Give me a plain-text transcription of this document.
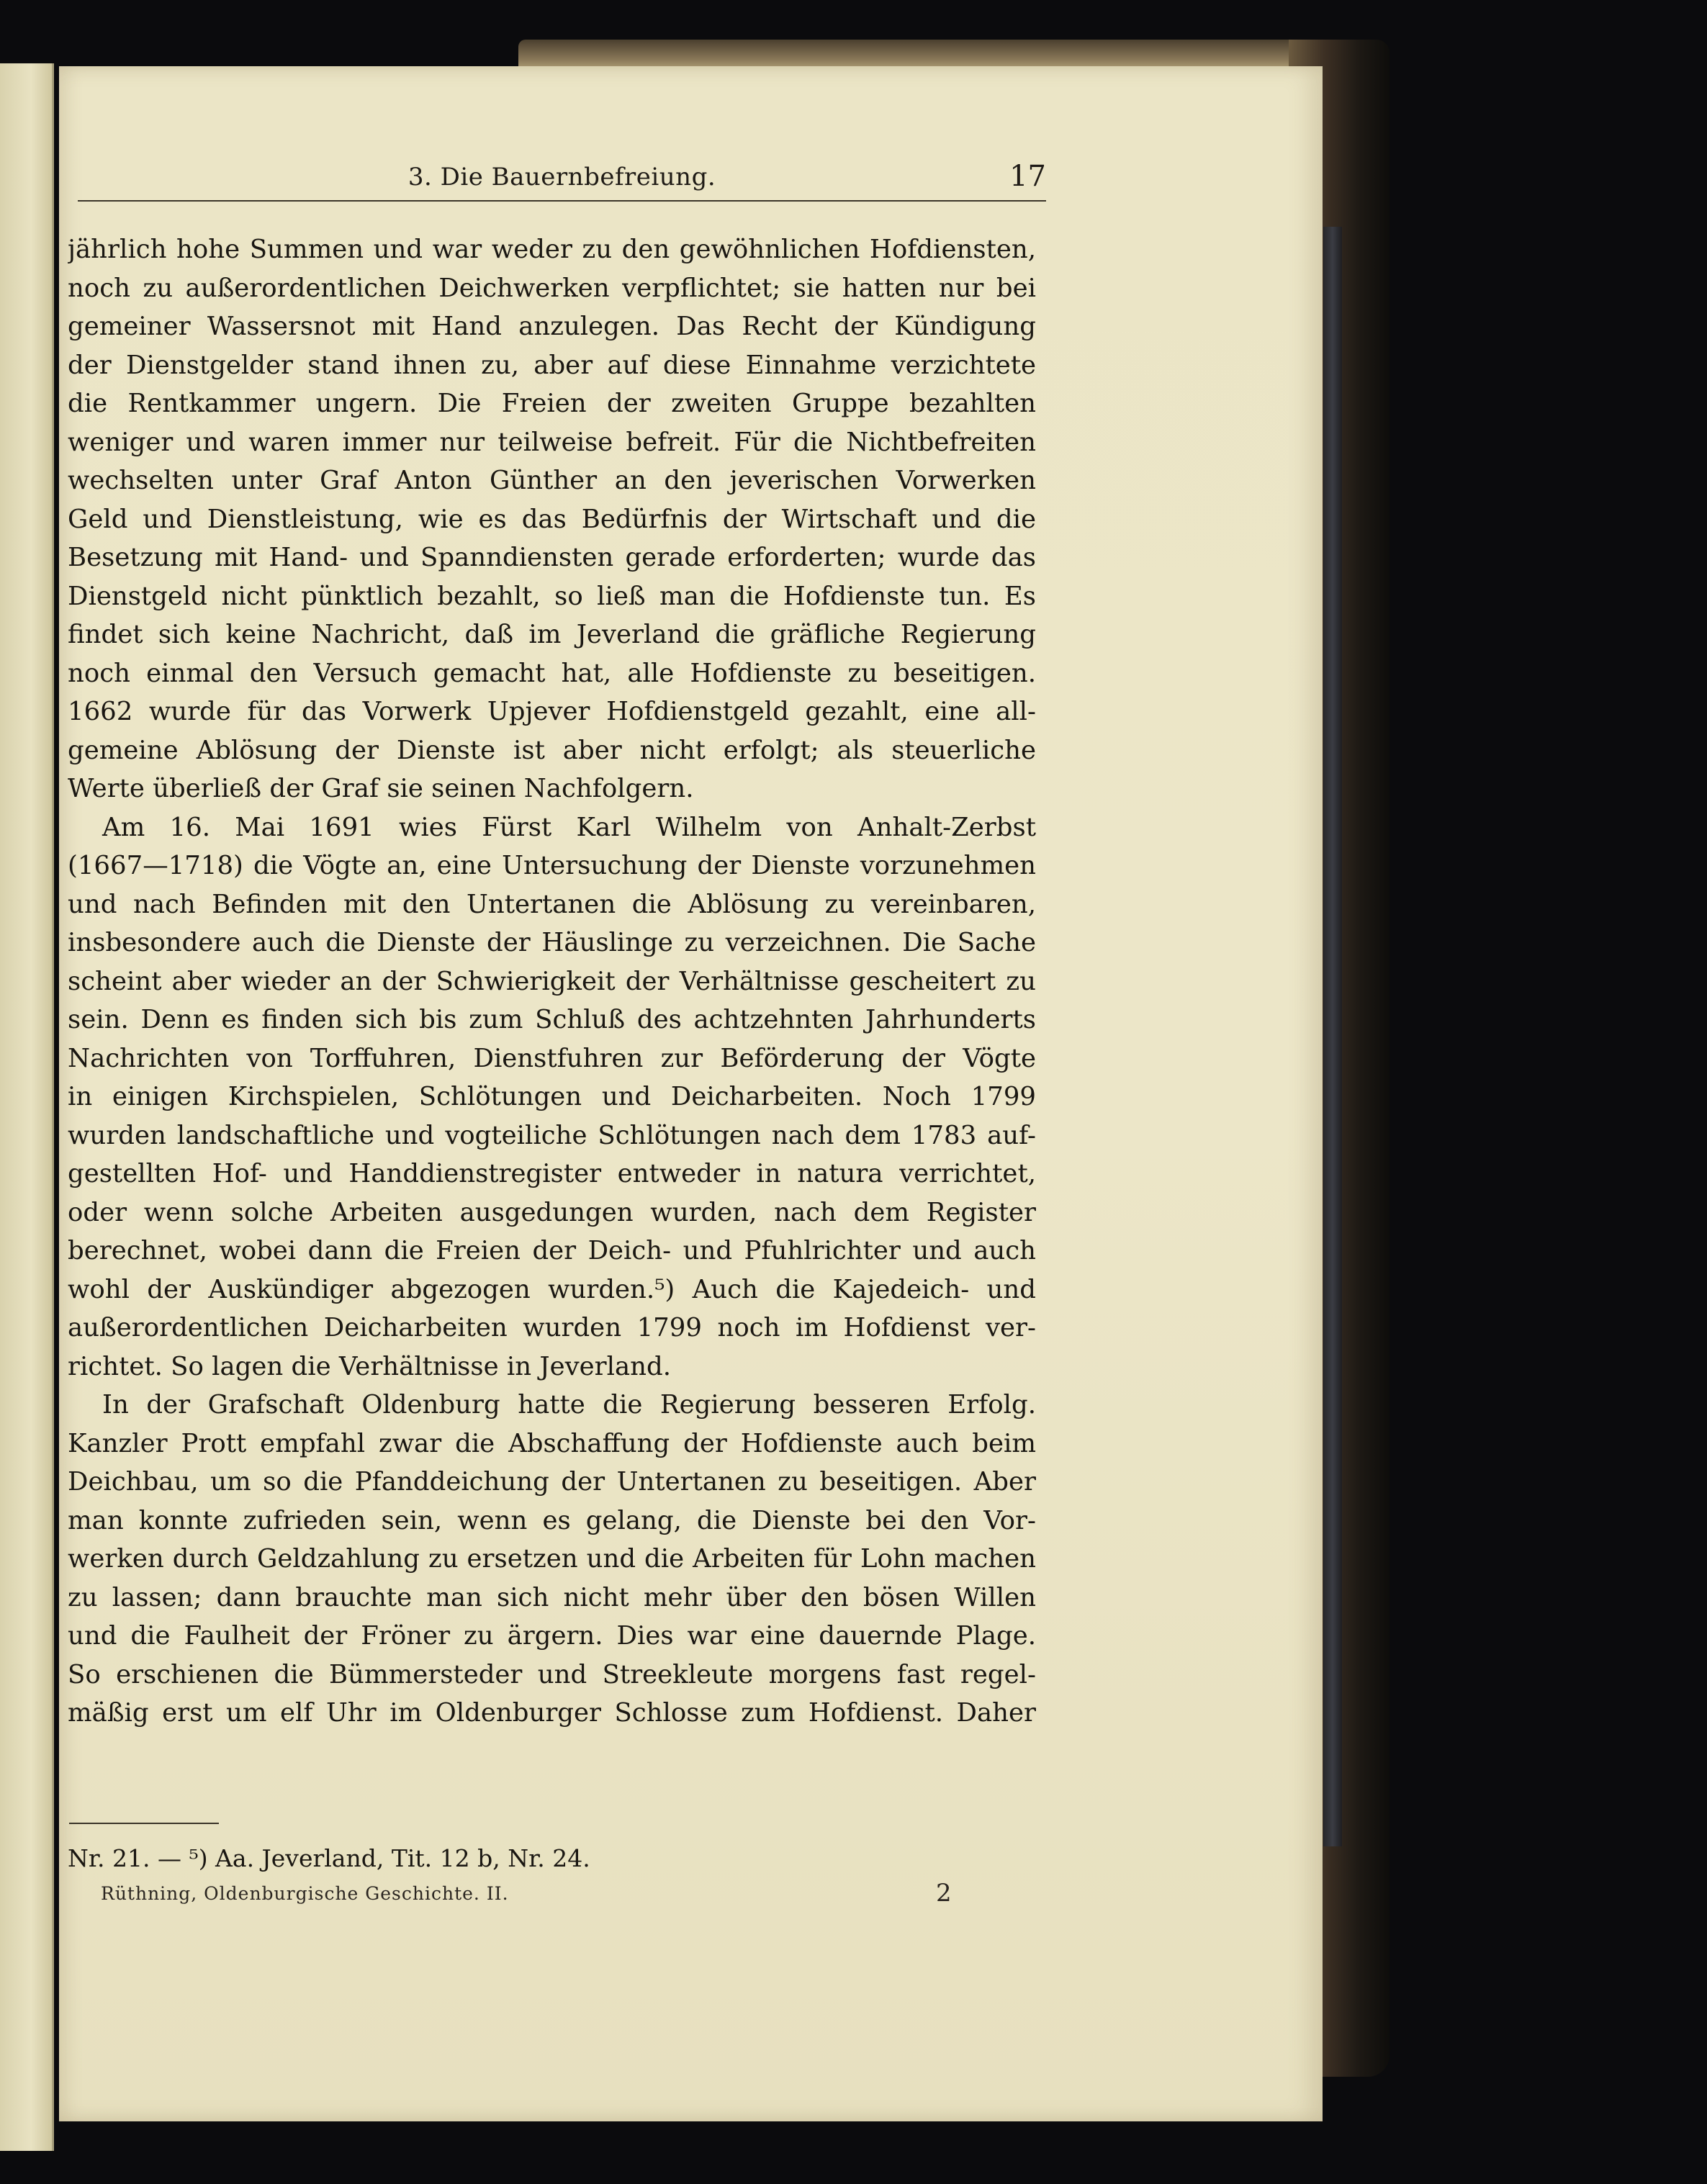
3. Die Bauernbefreiung.	17
jährlich hohe Summen und war weder zu den gewöhnlichen Hofdiensten,
noch zu außerordentlichen Deichwerken verpflichtet; sie hatten nur bei
gemeiner Wassersnot mit Hand anzulegen. Das Recht der Kündigung
der Dienstgelder stand ihnen zu, aber auf diese Einnahme verzichtete
die Rentkammer ungern. Die Freien der zweiten Gruppe bezahlten
weniger und waren immer nur teilweise befreit. Für die Nichtbefreiten
wechselten unter Graf Anton Günther an den jeverischen Vorwerken
Geld und Dienstleistung, wie es das Bedürfnis der Wirtschaft und die
Besetzung mit Hand- und Spanndiensten gerade erforderten; wurde das
Dienstgeld nicht pünktlich bezahlt, so ließ man die Hofdienste tun. Es
findet sich keine Nachricht, daß im Jeverland die gräfliche Regierung
noch einmal den Versuch gemacht hat, alle Hofdienste zu beseitigen.
1662 wurde für das Vorwerk Upjever Hofdienstgeld gezahlt, eine all-
gemeine Ablösung der Dienste ist aber nicht erfolgt; als steuerliche
Werte überließ der Graf sie seinen Nachfolgern.
Am 16. Mai 1691 wies Fürst Karl Wilhelm von Anhalt-Zerbst
(1667—1718) die Vögte an, eine Untersuchung der Dienste vorzunehmen
und nach Befinden mit den Untertanen die Ablösung zu vereinbaren,
insbesondere auch die Dienste der Häuslinge zu verzeichnen. Die Sache
scheint aber wieder an der Schwierigkeit der Verhältnisse gescheitert zu
sein. Denn es finden sich bis zum Schluß des achtzehnten Jahrhunderts
Nachrichten von Torffuhren, Dienstfuhren zur Beförderung der Vögte
in einigen Kirchspielen, Schlötungen und Deicharbeiten. Noch 1799
wurden landschaftliche und vogteiliche Schlötungen nach dem 1783 auf-
gestellten Hof- und Handdienstregister entweder in natura verrichtet,
oder wenn solche Arbeiten ausgedungen wurden, nach dem Register
berechnet, wobei dann die Freien der Deich- und Pfuhlrichter und auch
wohl der Auskündiger abgezogen wurden.⁵) Auch die Kajedeich- und
außerordentlichen Deicharbeiten wurden 1799 noch im Hofdienst ver-
richtet. So lagen die Verhältnisse in Jeverland.
In der Grafschaft Oldenburg hatte die Regierung besseren Erfolg.
Kanzler Prott empfahl zwar die Abschaffung der Hofdienste auch beim
Deichbau, um so die Pfanddeichung der Untertanen zu beseitigen. Aber
man konnte zufrieden sein, wenn es gelang, die Dienste bei den Vor-
werken durch Geldzahlung zu ersetzen und die Arbeiten für Lohn machen
zu lassen; dann brauchte man sich nicht mehr über den bösen Willen
und die Faulheit der Fröner zu ärgern. Dies war eine dauernde Plage.
So erschienen die Bümmersteder und Streekleute morgens fast regel-
mäßig erst um elf Uhr im Oldenburger Schlosse zum Hofdienst. Daher
Nr. 21. — ⁵) Aa. Jeverland, Tit. 12 b, Nr. 24.
Rüthning, Oldenburgische Geschichte. II.	2
